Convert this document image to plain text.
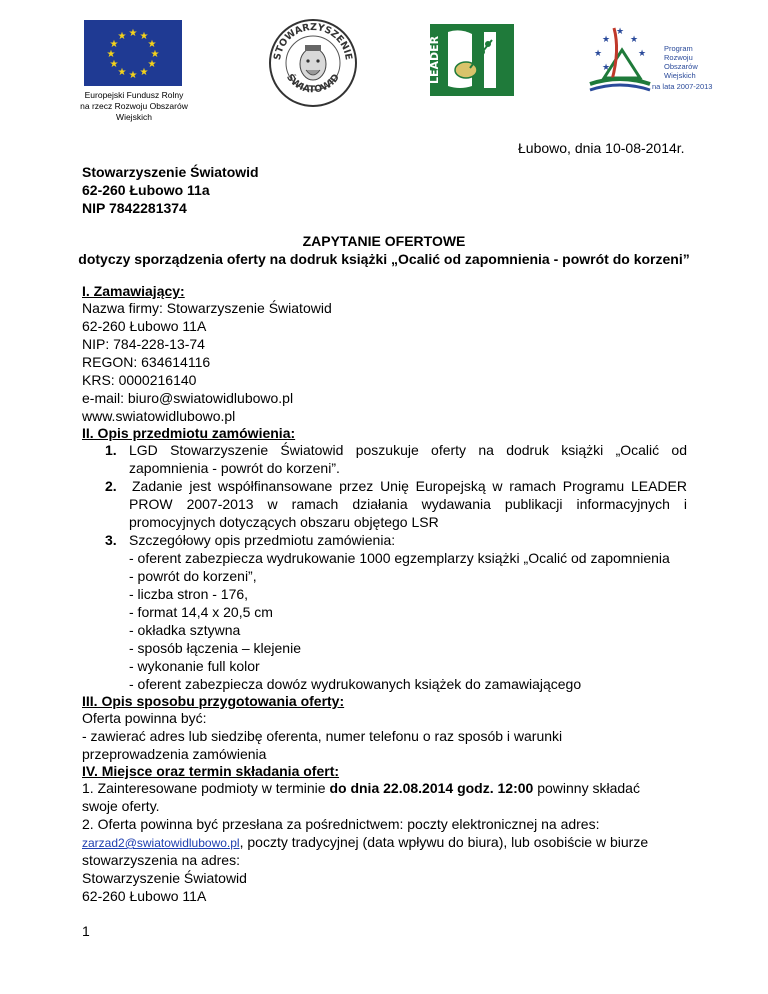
★ ★
★
★
★
★
★
★
★
★
★
★
Europejski Fundusz Rolny
na rzecz Rozwoju Obszarów
Wiejskich
STOWARZYSZENIE
ŚWIATOWID	LEADER
★
★ ★
★	★
★
Program
Rozwoju
Obszarów
Wiejskich
na lata 2007-2013
Łubowo, dnia 10-08-2014r.
Stowarzyszenie Światowid
62-260 Łubowo 11a
NIP 7842281374
ZAPYTANIE OFERTOWE
dotyczy sporządzenia oferty na dodruk książki „Ocalić od zapomnienia - powrót do korzeni”
I. Zamawiający:
Nazwa firmy: Stowarzyszenie Światowid
62-260 Łubowo 11A
NIP: 784-228-13-74
REGON: 634614116
KRS: 0000216140
e-mail: biuro@swiatowidlubowo.pl
www.swiatowidlubowo.pl
II. Opis przedmiotu zamówienia:
1. LGD Stowarzyszenie Światowid poszukuje oferty na dodruk książki „Ocalić od
zapomnienia - powrót do korzeni”.
2. Zadanie jest współfinansowane przez Unię Europejską w ramach Programu LEADER
PROW 2007-2013 w ramach działania wydawania publikacji informacyjnych i
promocyjnych dotyczących obszaru objętego LSR
3. Szczegółowy opis przedmiotu zamówienia:
- oferent zabezpiecza wydrukowanie 1000 egzemplarzy książki „Ocalić od zapomnienia
- powrót do korzeni”,
- liczba stron - 176,
- format 14,4 x 20,5 cm
- okładka sztywna
- sposób łączenia – klejenie
- wykonanie full kolor
- oferent zabezpiecza dowóz wydrukowanych książek do zamawiającego
III. Opis sposobu przygotowania oferty:
Oferta powinna być:
- zawierać adres lub siedzibę oferenta, numer telefonu o raz sposób i warunki
przeprowadzenia zamówienia
IV. Miejsce oraz termin składania ofert:
1. Zainteresowane podmioty w terminie do dnia 22.08.2014 godz. 12:00 powinny składać
swoje oferty.
2. Oferta powinna być przesłana za pośrednictwem: poczty elektronicznej na adres:
zarzad2@swiatowidlubowo.pl, poczty tradycyjnej (data wpływu do biura), lub osobiście w biurze
stowarzyszenia na adres:
Stowarzyszenie Światowid
62-260 Łubowo 11A
1
